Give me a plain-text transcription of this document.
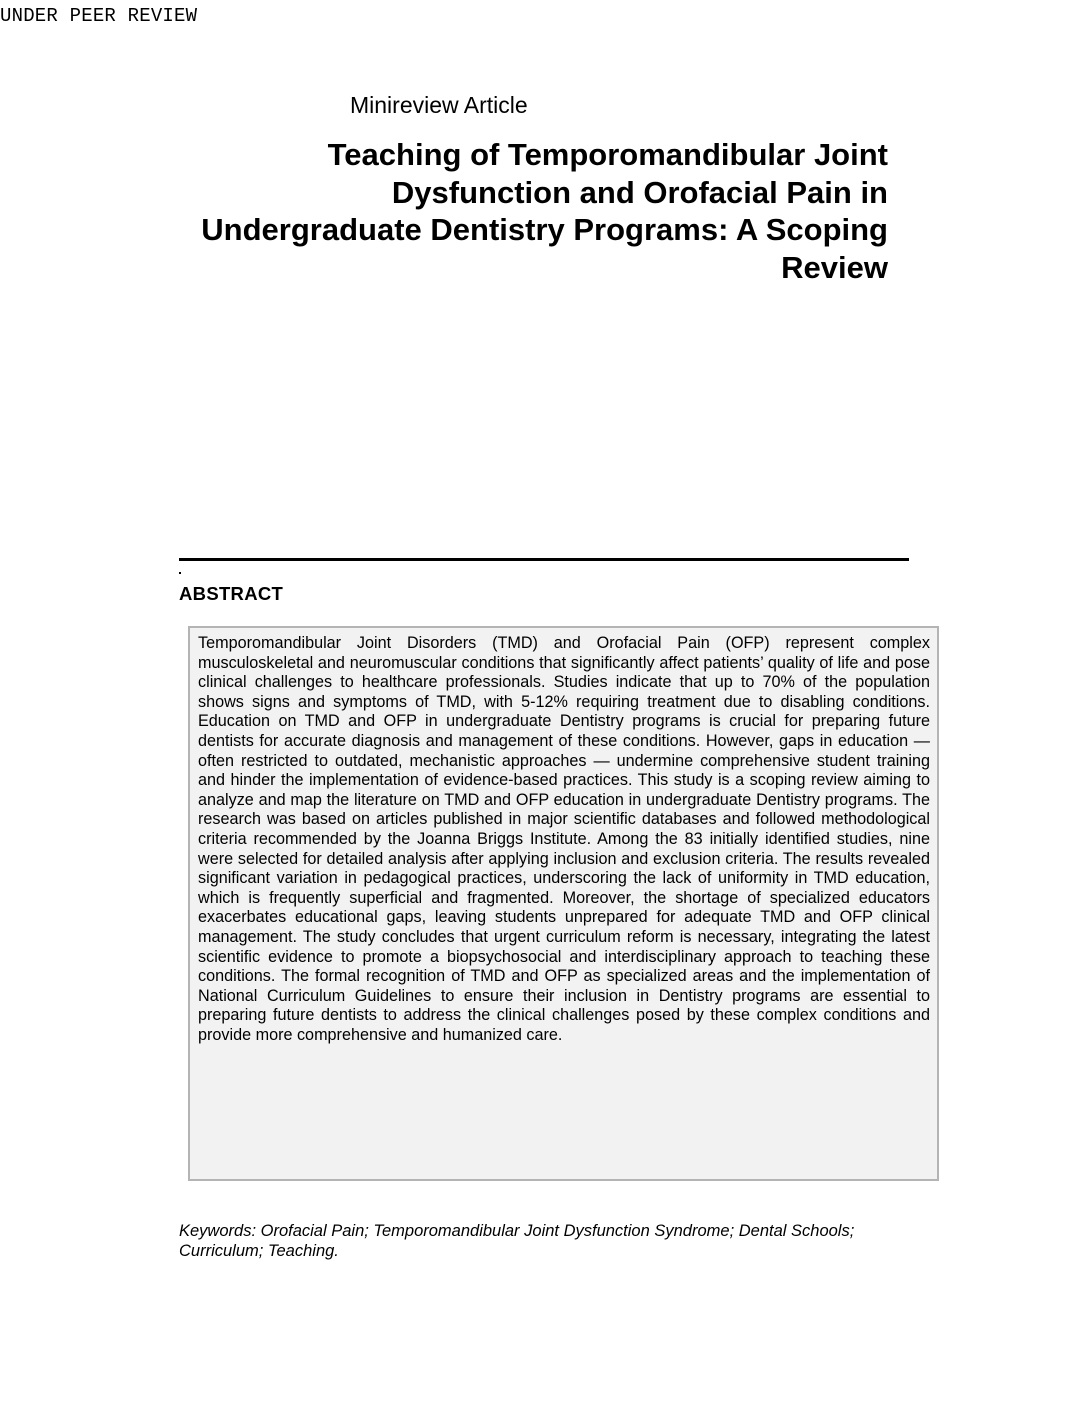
UNDER PEER REVIEW
Minireview Article
Teaching of Temporomandibular Joint
Dysfunction and Orofacial Pain in
Undergraduate Dentistry Programs: A Scoping
Review
ABSTRACT

Temporomandibular Joint Disorders (TMD) and Orofacial Pain (OFP) represent complex musculoskeletal and neuromuscular conditions that significantly affect patients’ quality of life and pose clinical challenges to healthcare professionals. Studies indicate that up to 70% of the population shows signs and symptoms of TMD, with 5-12% requiring treatment due to disabling conditions. Education on TMD and OFP in undergraduate Dentistry programs is crucial for preparing future dentists for accurate diagnosis and management of these conditions. However, gaps in education — often restricted to outdated, mechanistic approaches — undermine comprehensive student training and hinder the implementation of evidence-based practices. This study is a scoping review aiming to analyze and map the literature on TMD and OFP education in undergraduate Dentistry programs. The research was based on articles published in major scientific databases and followed methodological criteria recommended by the Joanna Briggs Institute. Among the 83 initially identified studies, nine were selected for detailed analysis after applying inclusion and exclusion criteria. The results revealed significant variation in pedagogical practices, underscoring the lack of uniformity in TMD education, which is frequently superficial and fragmented. Moreover, the shortage of specialized educators exacerbates educational gaps, leaving students unprepared for adequate TMD and OFP clinical management. The study concludes that urgent curriculum reform is necessary, integrating the latest scientific evidence to promote a biopsychosocial and interdisciplinary approach to teaching these conditions. The formal recognition of TMD and OFP as specialized areas and the implementation of National Curriculum Guidelines to ensure their inclusion in Dentistry programs are essential to preparing future dentists to address the clinical challenges posed by these complex conditions and provide more comprehensive and humanized care.

Keywords: Orofacial Pain; Temporomandibular Joint Dysfunction Syndrome; Dental Schools; Curriculum; Teaching.
